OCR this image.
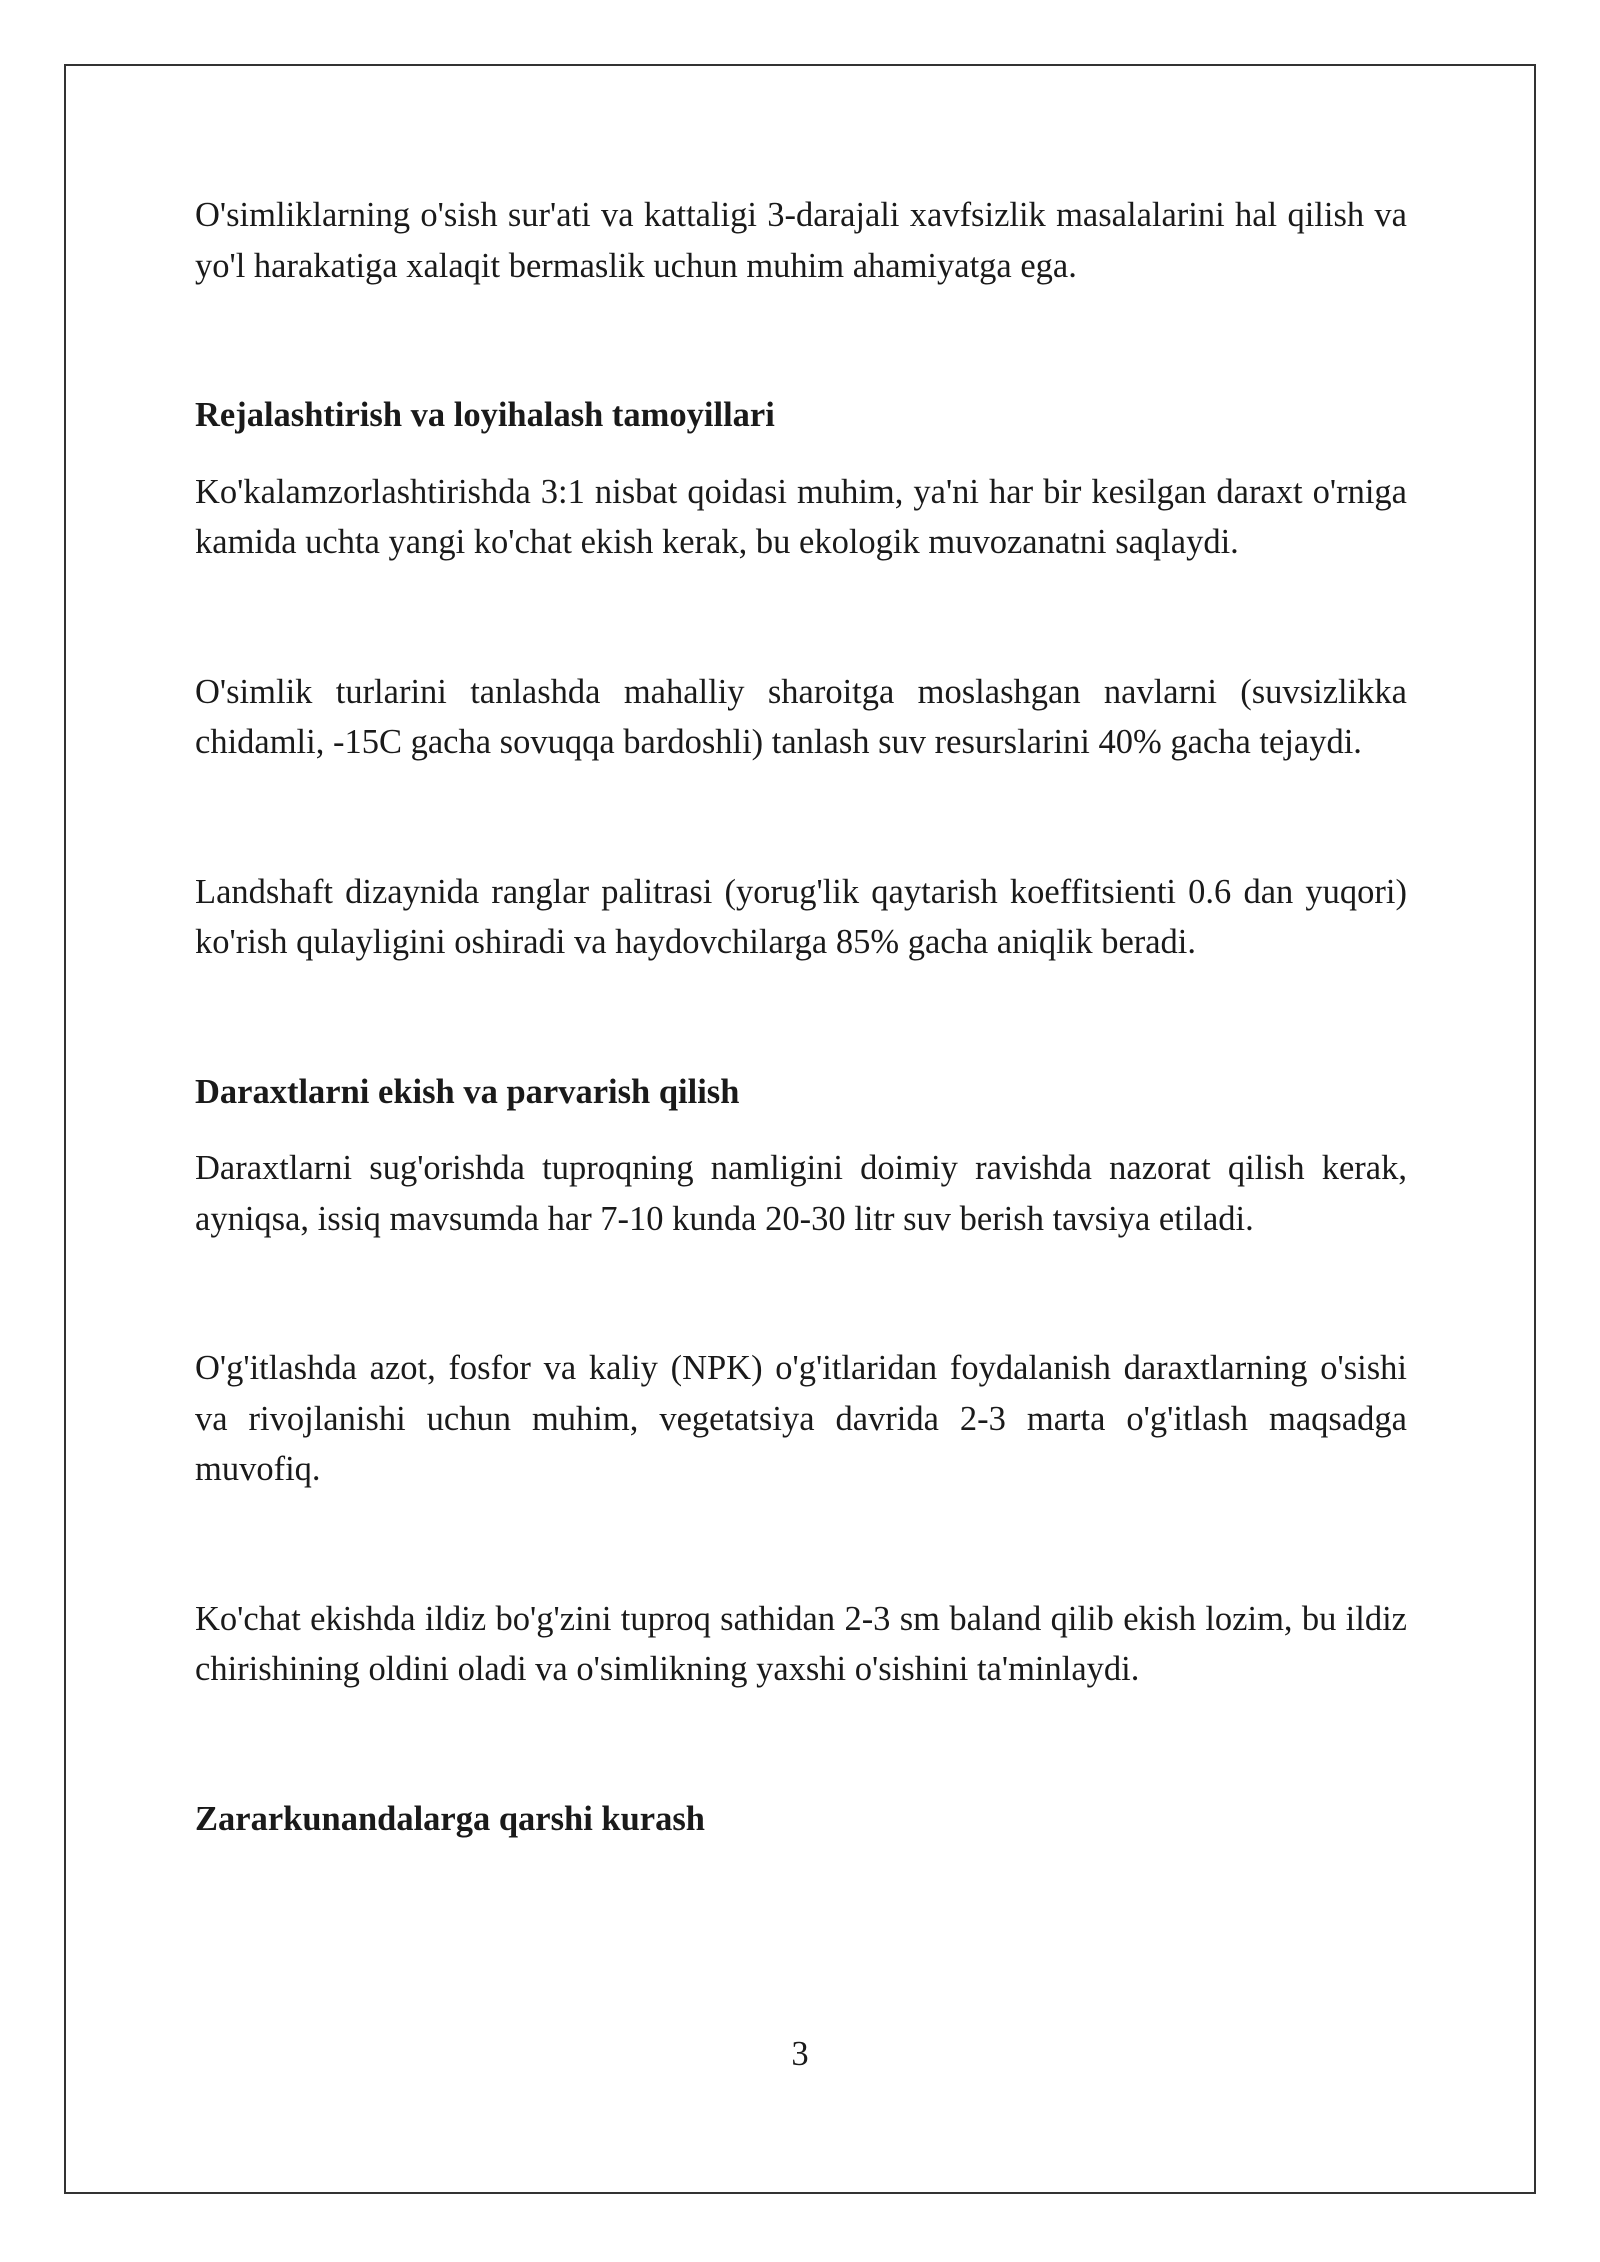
O'simliklarning o'sish sur'ati va kattaligi 3-darajali xavfsizlik masalalarini hal qilish va yo'l harakatiga xalaqit bermaslik uchun muhim ahamiyatga ega.

Rejalashtirish va loyihalash tamoyillari

Ko'kalamzorlashtirishda 3:1 nisbat qoidasi muhim, ya'ni har bir kesilgan daraxt o'rniga kamida uchta yangi ko'chat ekish kerak, bu ekologik muvozanatni saqlaydi.

O'simlik turlarini tanlashda mahalliy sharoitga moslashgan navlarni (suvsizlikka chidamli, -15C gacha sovuqqa bardoshli) tanlash suv resurslarini 40% gacha tejaydi.

Landshaft dizaynida ranglar palitrasi (yorug'lik qaytarish koeffitsienti 0.6 dan yuqori) ko'rish qulayligini oshiradi va haydovchilarga 85% gacha aniqlik beradi.

Daraxtlarni ekish va parvarish qilish

Daraxtlarni sug'orishda tuproqning namligini doimiy ravishda nazorat qilish kerak, ayniqsa, issiq mavsumda har 7-10 kunda 20-30 litr suv berish tavsiya etiladi.

O'g'itlashda azot, fosfor va kaliy (NPK) o'g'itlaridan foydalanish daraxtlarning o'sishi va rivojlanishi uchun muhim, vegetatsiya davrida 2-3 marta o'g'itlash maqsadga muvofiq.

Ko'chat ekishda ildiz bo'g'zini tuproq sathidan 2-3 sm baland qilib ekish lozim, bu ildiz chirishining oldini oladi va o'simlikning yaxshi o'sishini ta'minlaydi.

Zararkunandalarga qarshi kurash
3
